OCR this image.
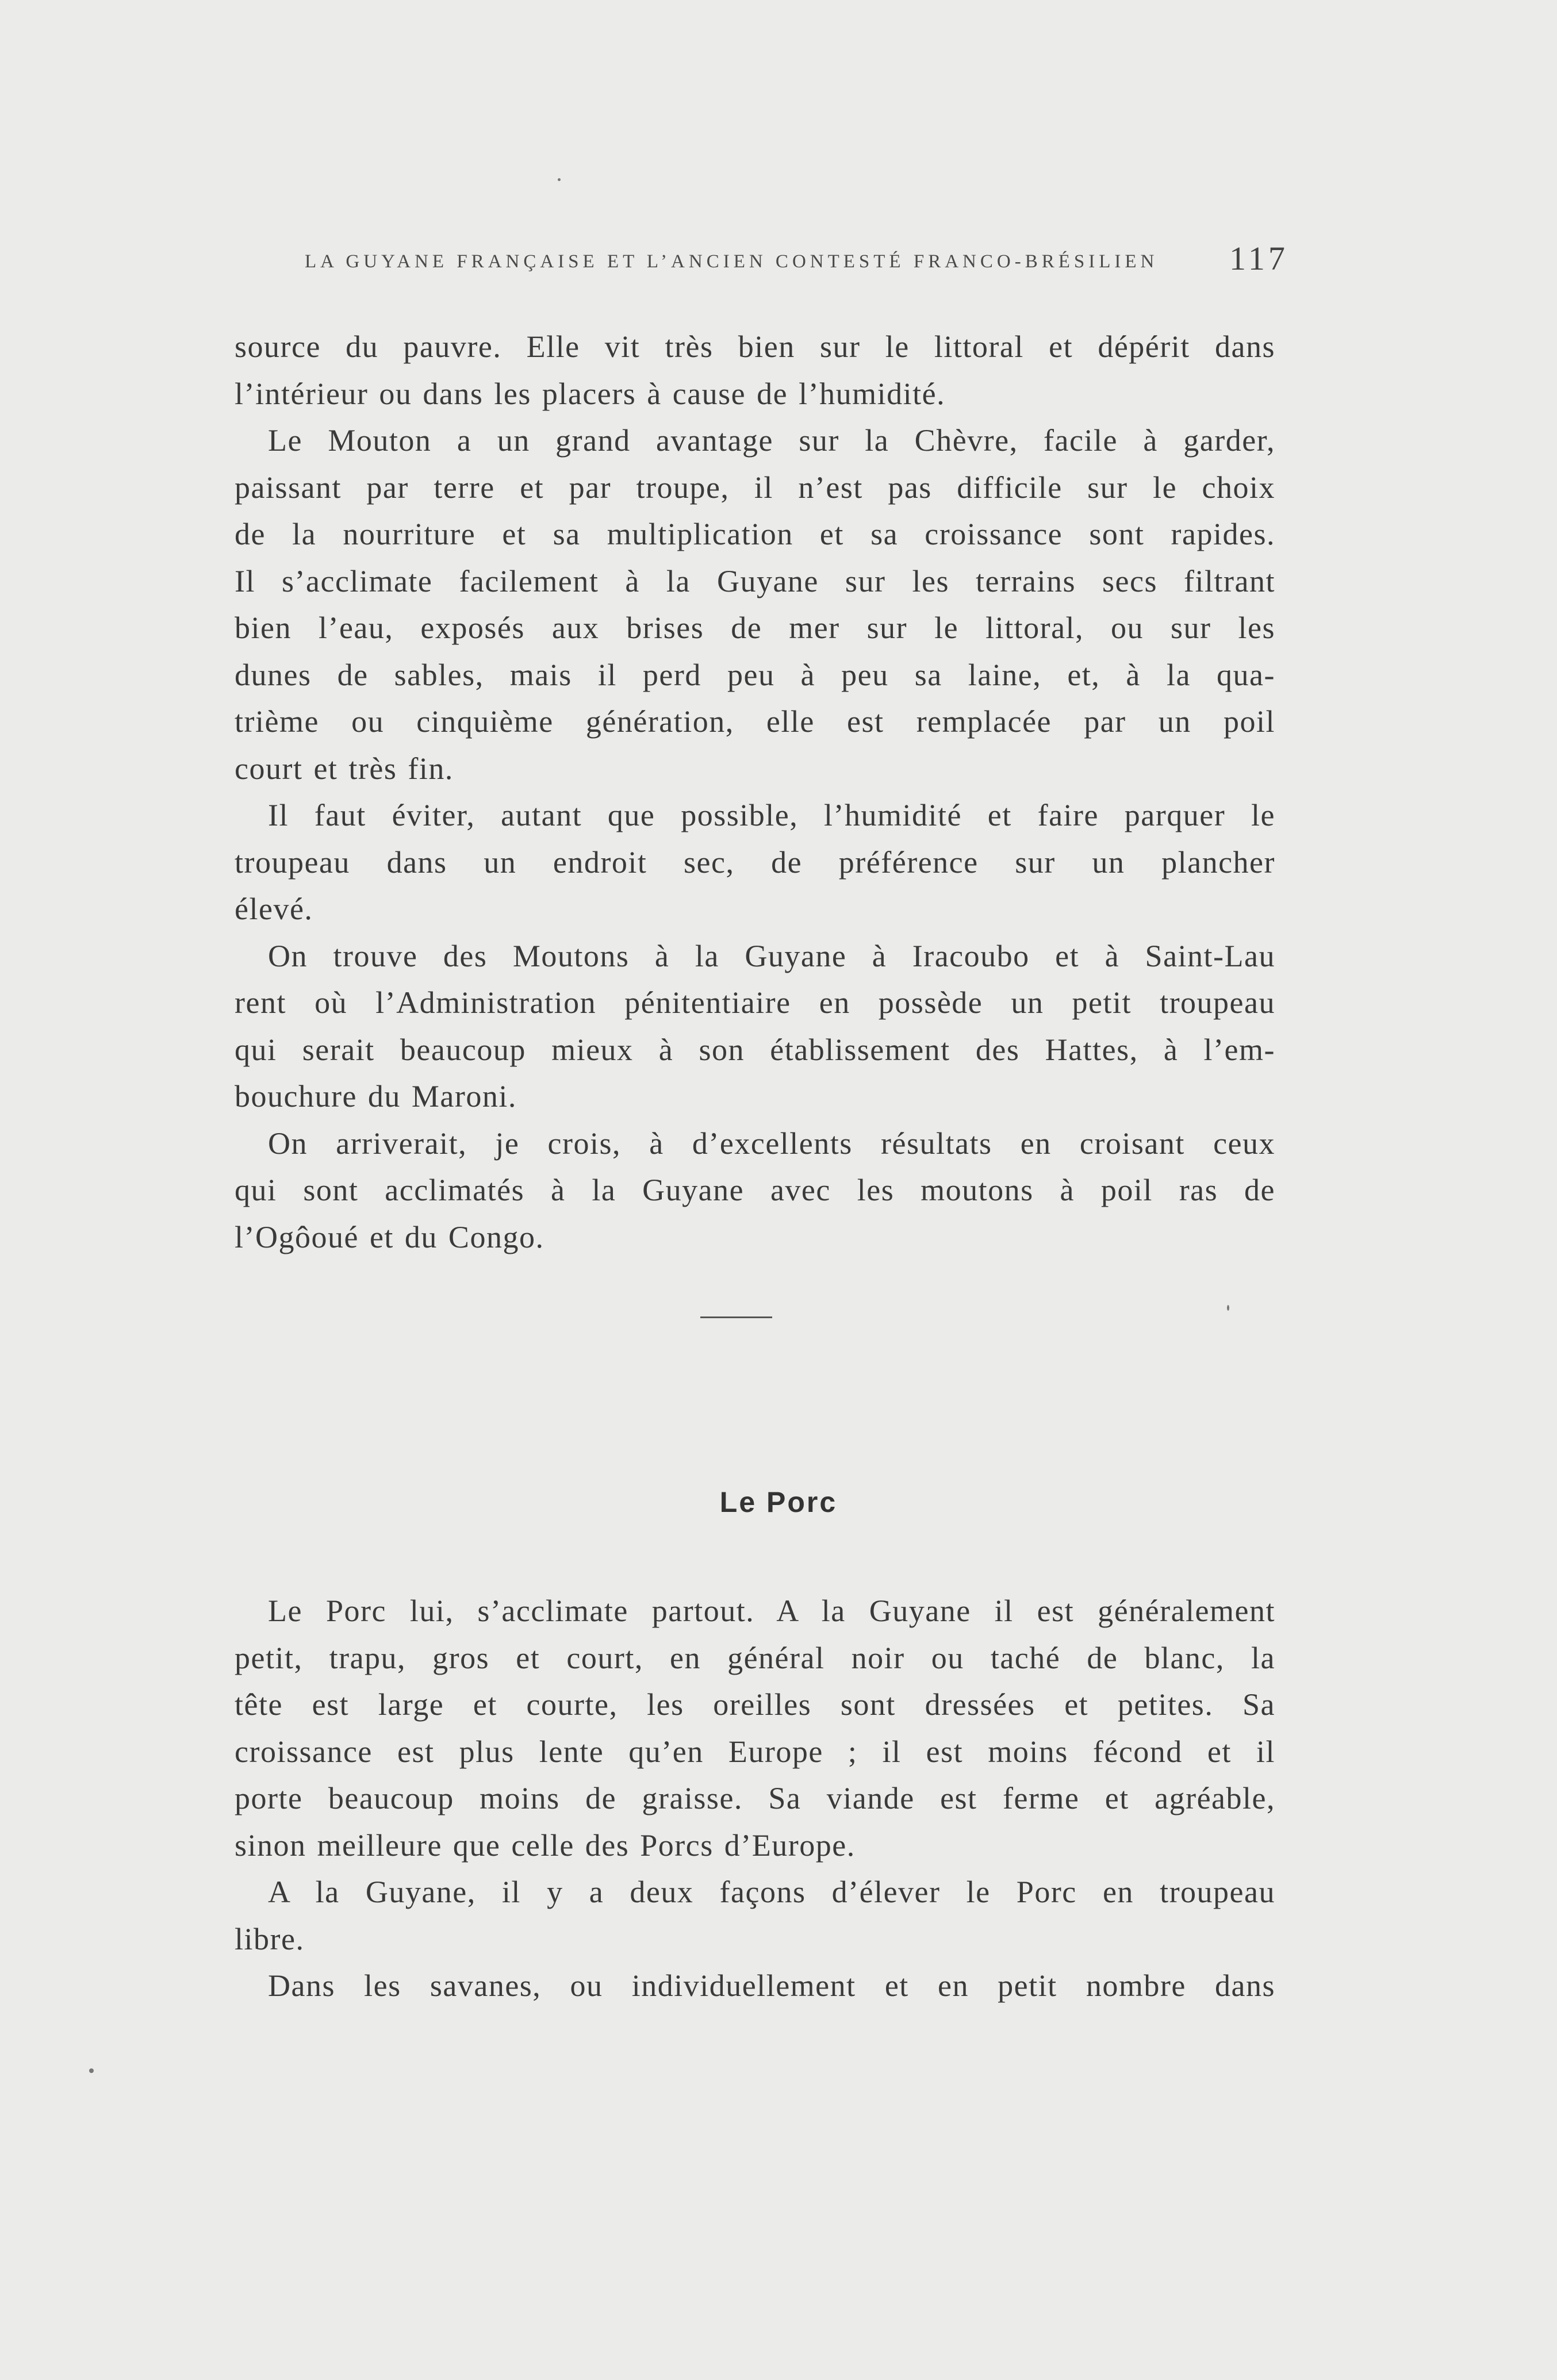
LA GUYANE FRANÇAISE ET L’ANCIEN CONTESTÉ FRANCO-BRÉSILIEN	117
source du pauvre. Elle vit très bien sur le littoral et dépérit dans
l’intérieur ou dans les placers à cause de l’humidité.
Le Mouton a un grand avantage sur la Chèvre, facile à garder,
paissant par terre et par troupe, il n’est pas difficile sur le choix
de la nourriture et sa multiplication et sa croissance sont rapides.
Il s’acclimate facilement à la Guyane sur les terrains secs filtrant
bien l’eau, exposés aux brises de mer sur le littoral, ou sur les
dunes de sables, mais il perd peu à peu sa laine, et, à la qua-
trième ou cinquième génération, elle est remplacée par un poil
court et très fin.
Il faut éviter, autant que possible, l’humidité et faire parquer le
troupeau dans un endroit sec, de préférence sur un plancher
élevé.
On trouve des Moutons à la Guyane à Iracoubo et à Saint-Lau
rent où l’Administration pénitentiaire en possède un petit troupeau
qui serait beaucoup mieux à son établissement des Hattes, à l’em-
bouchure du Maroni.
On arriverait, je crois, à d’excellents résultats en croisant ceux
qui sont acclimatés à la Guyane avec les moutons à poil ras de
l’Ogôoué et du Congo.
Le Porc
Le Porc lui, s’acclimate partout. A la Guyane il est généralement
petit, trapu, gros et court, en général noir ou taché de blanc, la
tête est large et courte, les oreilles sont dressées et petites. Sa
croissance est plus lente qu’en Europe ; il est moins fécond et il
porte beaucoup moins de graisse. Sa viande est ferme et agréable,
sinon meilleure que celle des Porcs d’Europe.
A la Guyane, il y a deux façons d’élever le Porc en troupeau
libre.
Dans les savanes, ou individuellement et en petit nombre dans
